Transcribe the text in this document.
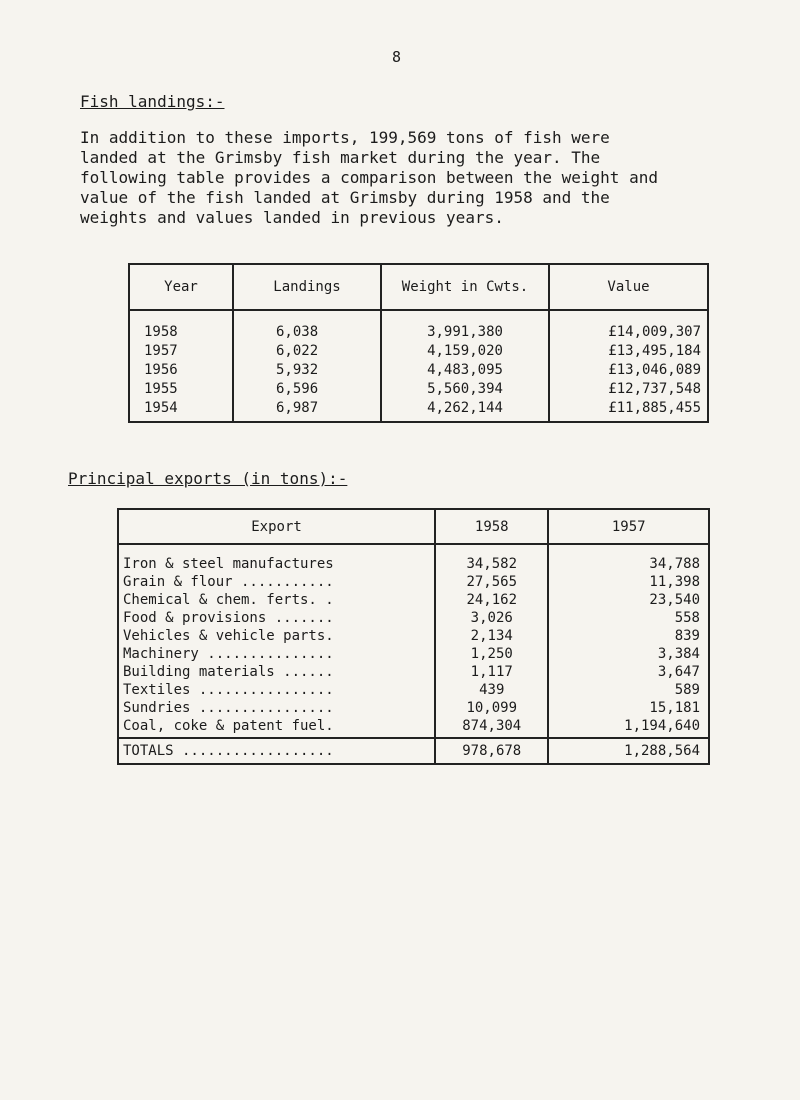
8
Fish landings:-
In addition to these imports, 199,569 tons of fish were
landed at the Grimsby fish market during the year. The
following table provides a comparison between the weight and
value of the fish landed at Grimsby during 1958 and the
weights and values landed in previous years.
Year	Landings	Weight in Cwts.	Value
1958	6,038	3,991,380	£14,009,307
1957	6,022	4,159,020	£13,495,184
1956	5,932	4,483,095	£13,046,089
1955	6,596	5,560,394	£12,737,548
1954	6,987	4,262,144	£11,885,455
Principal exports (in tons):-
Export	1958	1957
Iron & steel manufactures	34,582	34,788
Grain & flour ...........	27,565	11,398
Chemical & chem. ferts. .	24,162	23,540
Food & provisions .......	3,026	558
Vehicles & vehicle parts.	2,134	839
Machinery ...............	1,250	3,384
Building materials ......	1,117	3,647
Textiles ................	439	589
Sundries ................	10,099	15,181
Coal, coke & patent fuel.	874,304	1,194,640
TOTALS ..................	978,678	1,288,564
